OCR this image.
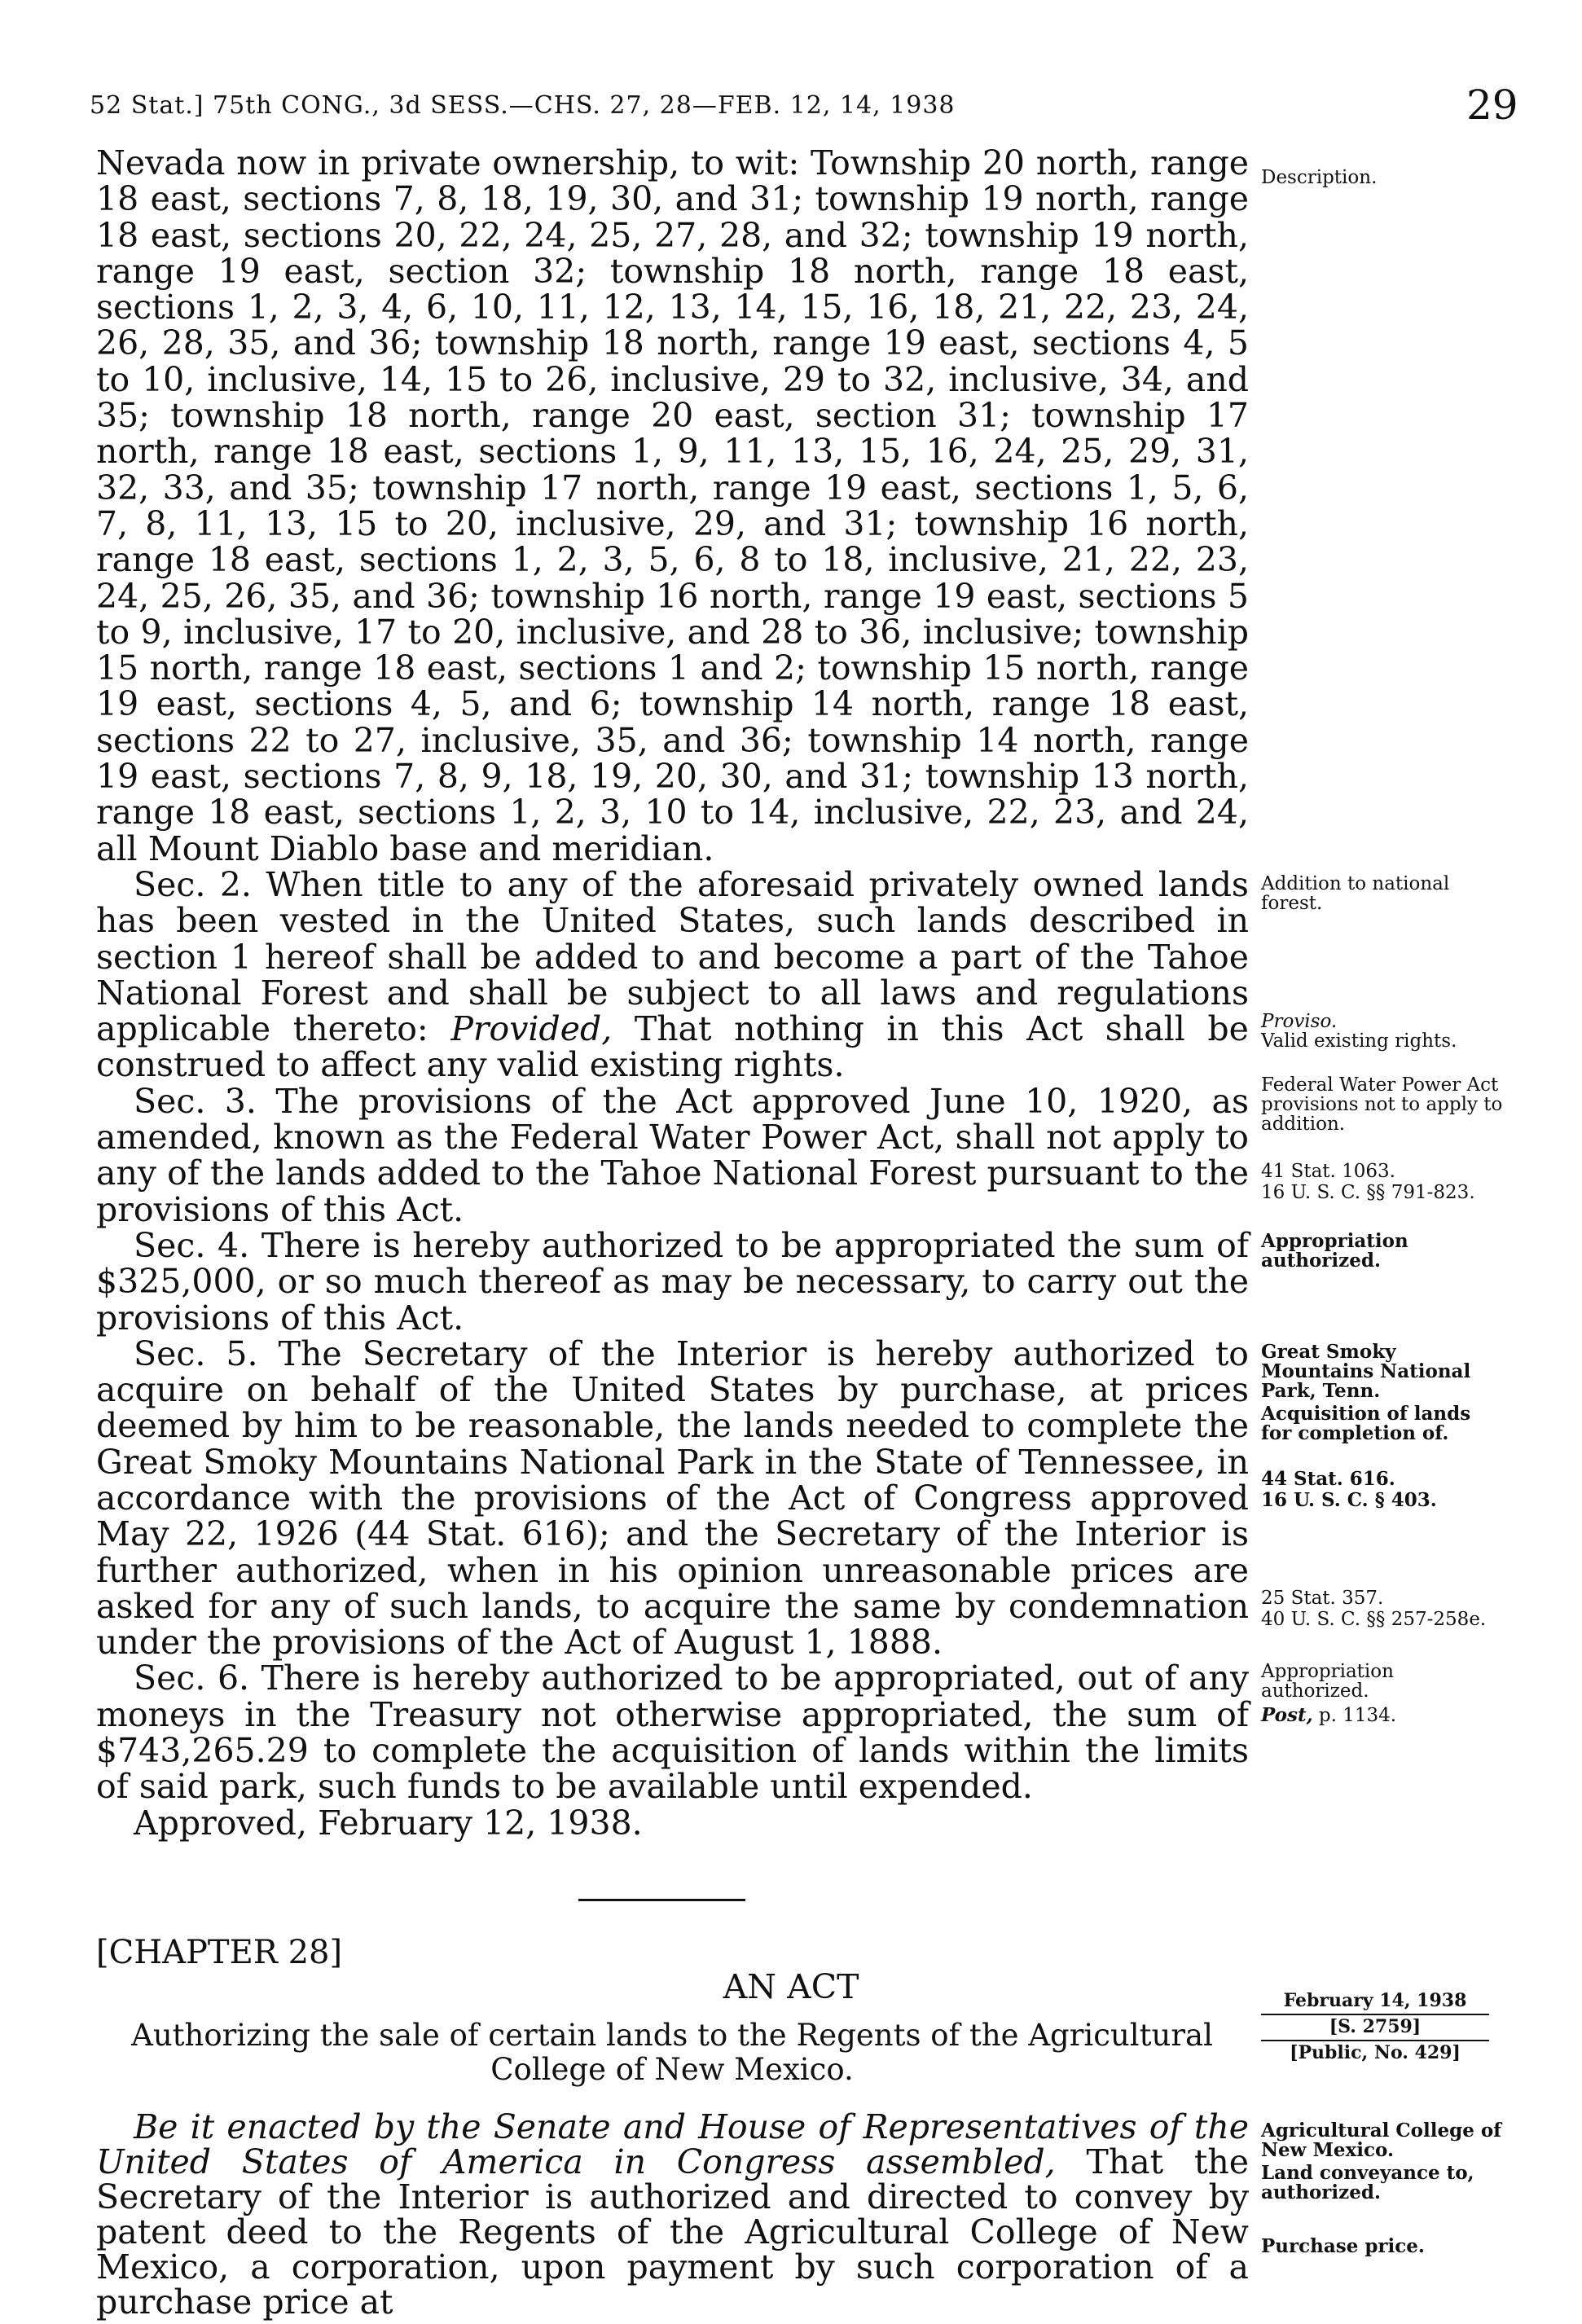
52 Stat.] 75th CONG., 3d SESS.—CHS. 27, 28—FEB. 12, 14, 1938	29

Nevada now in private ownership, to wit: Township 20 north, range 18 east, sections 7, 8, 18, 19, 30, and 31; township 19 north, range 18 east, sections 20, 22, 24, 25, 27, 28, and 32; township 19 north, range 19 east, section 32; township 18 north, range 18 east, sections 1, 2, 3, 4, 6, 10, 11, 12, 13, 14, 15, 16, 18, 21, 22, 23, 24, 26, 28, 35, and 36; township 18 north, range 19 east, sections 4, 5 to 10, inclusive, 14, 15 to 26, inclusive, 29 to 32, inclusive, 34, and 35; township 18 north, range 20 east, section 31; township 17 north, range 18 east, sections 1, 9, 11, 13, 15, 16, 24, 25, 29, 31, 32, 33, and 35; township 17 north, range 19 east, sections 1, 5, 6, 7, 8, 11, 13, 15 to 20, inclusive, 29, and 31; township 16 north, range 18 east, sections 1, 2, 3, 5, 6, 8 to 18, inclusive, 21, 22, 23, 24, 25, 26, 35, and 36; township 16 north, range 19 east, sections 5 to 9, inclusive, 17 to 20, inclusive, and 28 to 36, inclusive; township 15 north, range 18 east, sections 1 and 2; township 15 north, range 19 east, sections 4, 5, and 6; township 14 north, range 18 east, sections 22 to 27, inclusive, 35, and 36; township 14 north, range 19 east, sections 7, 8, 9, 18, 19, 20, 30, and 31; township 13 north, range 18 east, sections 1, 2, 3, 10 to 14, inclusive, 22, 23, and 24, all Mount Diablo base and meridian.

Sec. 2. When title to any of the aforesaid privately owned lands has been vested in the United States, such lands described in section 1 hereof shall be added to and become a part of the Tahoe National Forest and shall be subject to all laws and regulations applicable thereto: Provided, That nothing in this Act shall be construed to affect any valid existing rights.

Sec. 3. The provisions of the Act approved June 10, 1920, as amended, known as the Federal Water Power Act, shall not apply to any of the lands added to the Tahoe National Forest pursuant to the provisions of this Act.

Sec. 4. There is hereby authorized to be appropriated the sum of $325,000, or so much thereof as may be necessary, to carry out the provisions of this Act.

Sec. 5. The Secretary of the Interior is hereby authorized to acquire on behalf of the United States by purchase, at prices deemed by him to be reasonable, the lands needed to complete the Great Smoky Mountains National Park in the State of Tennessee, in accordance with the provisions of the Act of Congress approved May 22, 1926 (44 Stat. 616); and the Secretary of the Interior is further authorized, when in his opinion unreasonable prices are asked for any of such lands, to acquire the same by condemnation under the provisions of the Act of August 1, 1888.

Sec. 6. There is hereby authorized to be appropriated, out of any moneys in the Treasury not otherwise appropriated, the sum of $743,265.29 to complete the acquisition of lands within the limits of said park, such funds to be available until expended.

Approved, February 12, 1938.

[CHAPTER 28]
AN ACT
Authorizing the sale of certain lands to the Regents of the Agricultural College of New Mexico.
February 14, 1938
[S. 2759]
[Public, No. 429]
Be it enacted by the Senate and House of Representatives of the United States of America in Congress assembled, That the Secretary of the Interior is authorized and directed to convey by patent deed to the Regents of the Agricultural College of New Mexico, a corporation, upon payment by such corporation of a purchase price at
Description.
Addition to national forest.
Proviso.
Valid existing rights.
Federal Water Power Act provisions not to apply to addition.
41 Stat. 1063.
16 U. S. C. §§ 791-823.
Appropriation authorized.
Great Smoky Mountains National Park, Tenn.
Acquisition of lands for completion of.
44 Stat. 616.
16 U. S. C. § 403.
25 Stat. 357.
40 U. S. C. §§ 257-258e.
Appropriation authorized.
Post, p. 1134.
Agricultural College of New Mexico.
Land conveyance to, authorized.
Purchase price.
